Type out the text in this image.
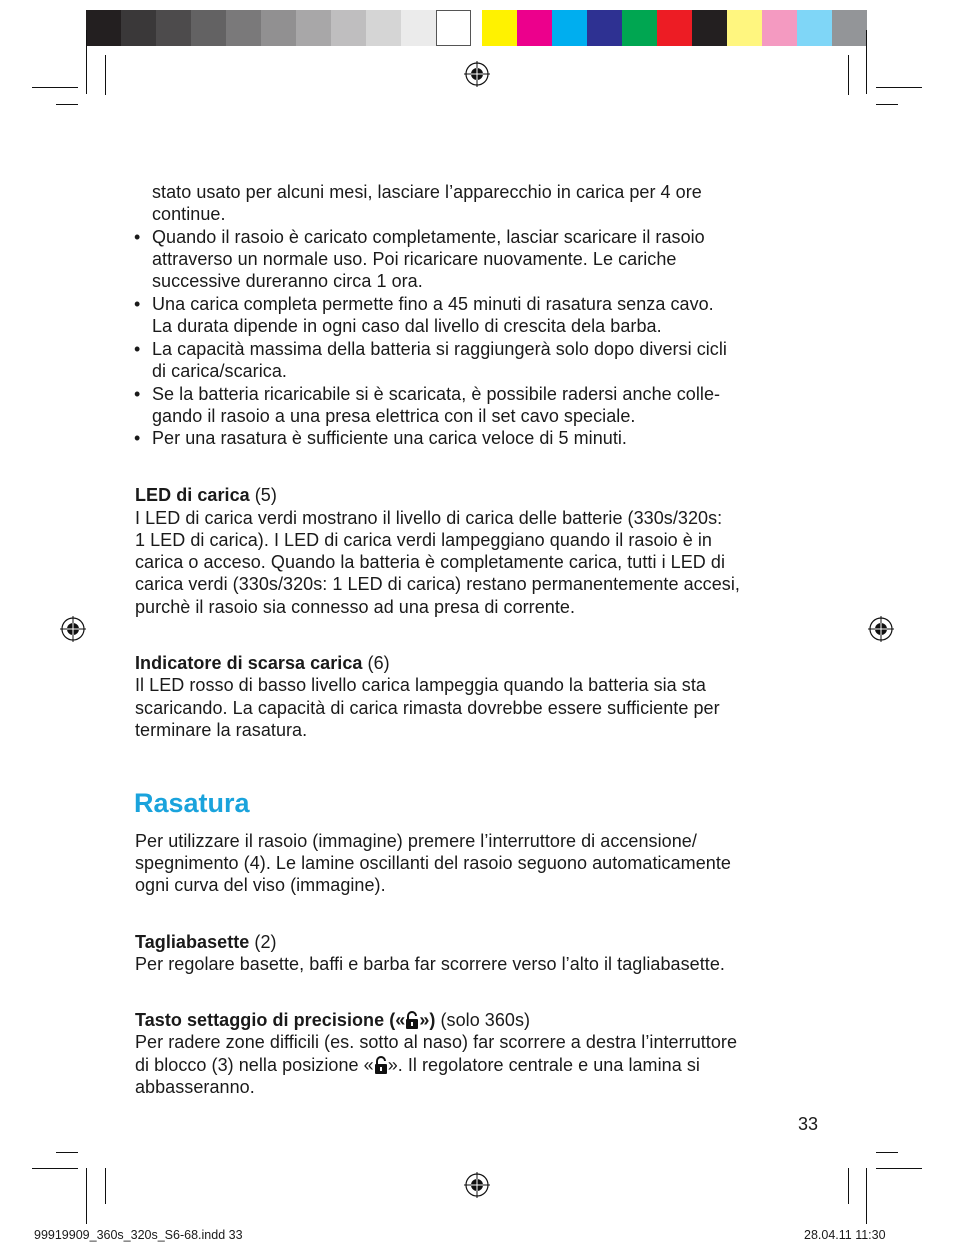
stato usato per alcuni mesi, lasciare l’apparecchio in carica per 4 ore
continue.
• Quando il rasoio è caricato completamente, lasciar scaricare il rasoio
attraverso un normale uso. Poi ricaricare nuovamente. Le cariche
successive dureranno circa 1 ora.
• Una carica completa permette fino a 45 minuti di rasatura senza cavo.
La durata dipende in ogni caso dal livello di crescita dela barba.
• La capacità massima della batteria si raggiungerà solo dopo diversi cicli
di carica/scarica.
• Se la batteria ricaricabile si è scaricata, è possibile radersi anche colle-
gando il rasoio a una presa elettrica con il set cavo speciale.
• Per una rasatura è sufficiente una carica veloce di 5 minuti.
LED di carica (5)
I LED di carica verdi mostrano il livello di carica delle batterie (330s/320s:
1 LED di carica). I LED di carica verdi lampeggiano quando il rasoio è in
carica o acceso. Quando la batteria è completamente carica, tutti i LED di
carica verdi (330s/320s: 1 LED di carica) restano permanentemente accesi,
purchè il rasoio sia connesso ad una presa di corrente.
Indicatore di scarsa carica (6)
Il LED rosso di basso livello carica lampeggia quando la batteria sia sta
scaricando. La capacità di carica rimasta dovrebbe essere sufficiente per
terminare la rasatura.
Rasatura
Per utilizzare il rasoio (immagine) premere l’interruttore di accensione/
spegnimento (4). Le lamine oscillanti del rasoio seguono automaticamente
ogni curva del viso (immagine).
Tagliabasette (2)
Per regolare basette, baffi e barba far scorrere verso l’alto il tagliabasette.
Tasto settaggio di precisione (« ») (solo 360s)
Per radere zone difficili (es. sotto al naso) far scorrere a destra l’interruttore
di blocco (3) nella posizione « ». Il regolatore centrale e una lamina si
abbasseranno.
33
99919909_360s_320s_S6-68.indd 33	28.04.11 11:30
